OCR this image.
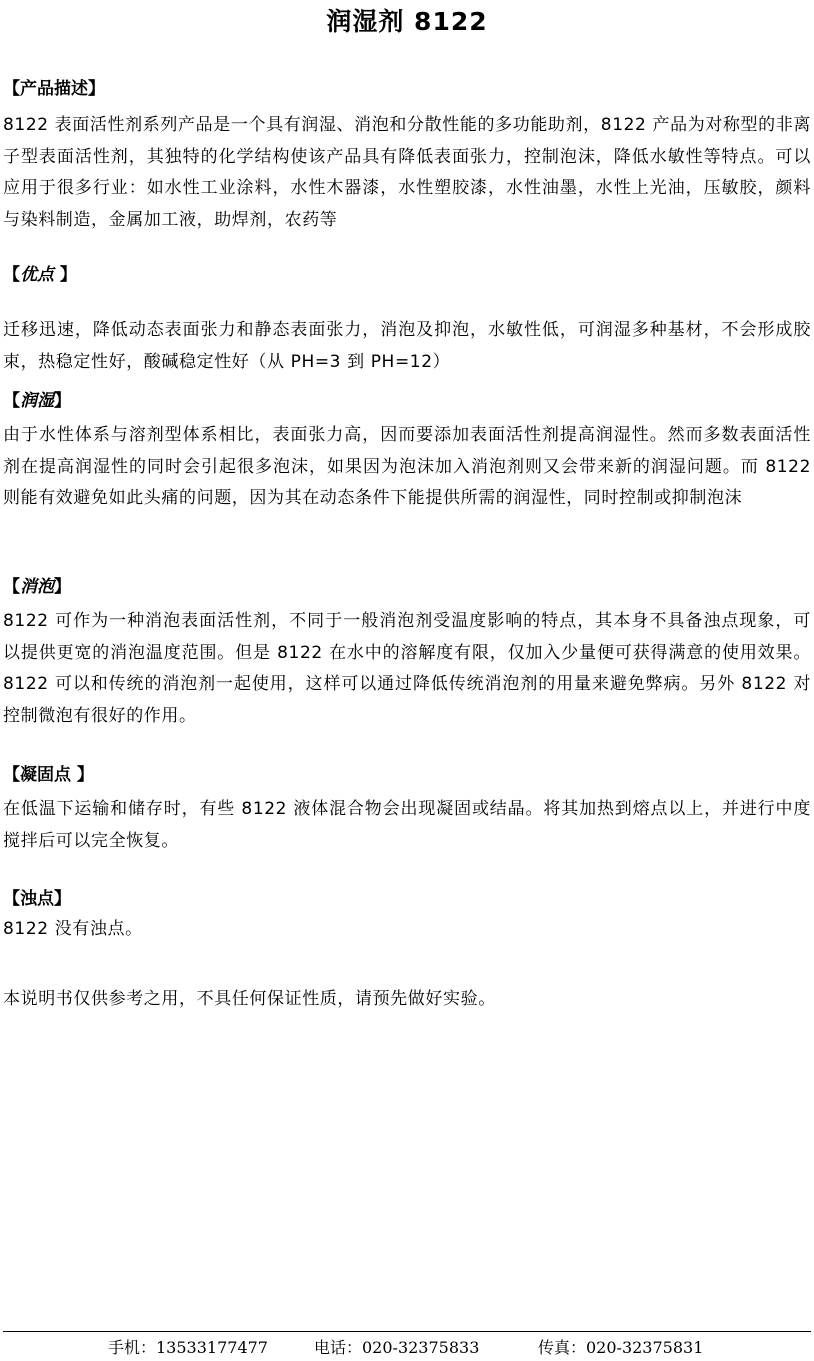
润湿剂 8122
【产品描述】

8122 表面活性剂系列产品是一个具有润湿、消泡和分散性能的多功能助剂，8122 产品为对称型的非离子型表面活性剂，其独特的化学结构使该产品具有降低表面张力，控制泡沫，降低水敏性等特点。可以应用于很多行业：如水性工业涂料，水性木器漆，水性塑胶漆，水性油墨，水性上光油，压敏胶，颜料与染料制造，金属加工液，助焊剂，农药等

【优点 】

迁移迅速，降低动态表面张力和静态表面张力，消泡及抑泡，水敏性低，可润湿多种基材，不会形成胶束，热稳定性好，酸碱稳定性好（从 PH=3 到 PH=12）

【润湿】

由于水性体系与溶剂型体系相比，表面张力高，因而要添加表面活性剂提高润湿性。然而多数表面活性剂在提高润湿性的同时会引起很多泡沫，如果因为泡沫加入消泡剂则又会带来新的润湿问题。而 8122 则能有效避免如此头痛的问题，因为其在动态条件下能提供所需的润湿性，同时控制或抑制泡沫

【消泡】

8122 可作为一种消泡表面活性剂，不同于一般消泡剂受温度影响的特点，其本身不具备浊点现象，可以提供更宽的消泡温度范围。但是 8122 在水中的溶解度有限，仅加入少量便可获得满意的使用效果。8122 可以和传统的消泡剂一起使用，这样可以通过降低传统消泡剂的用量来避免弊病。另外 8122 对控制微泡有很好的作用。

【凝固点 】

在低温下运输和储存时，有些 8122 液体混合物会出现凝固或结晶。将其加热到熔点以上，并进行中度搅拌后可以完全恢复。

【浊点】

8122 没有浊点。

本说明书仅供参考之用，不具任何保证性质，请预先做好实验。

手机：13533177477	电话：020-32375833	传真：020-32375831
